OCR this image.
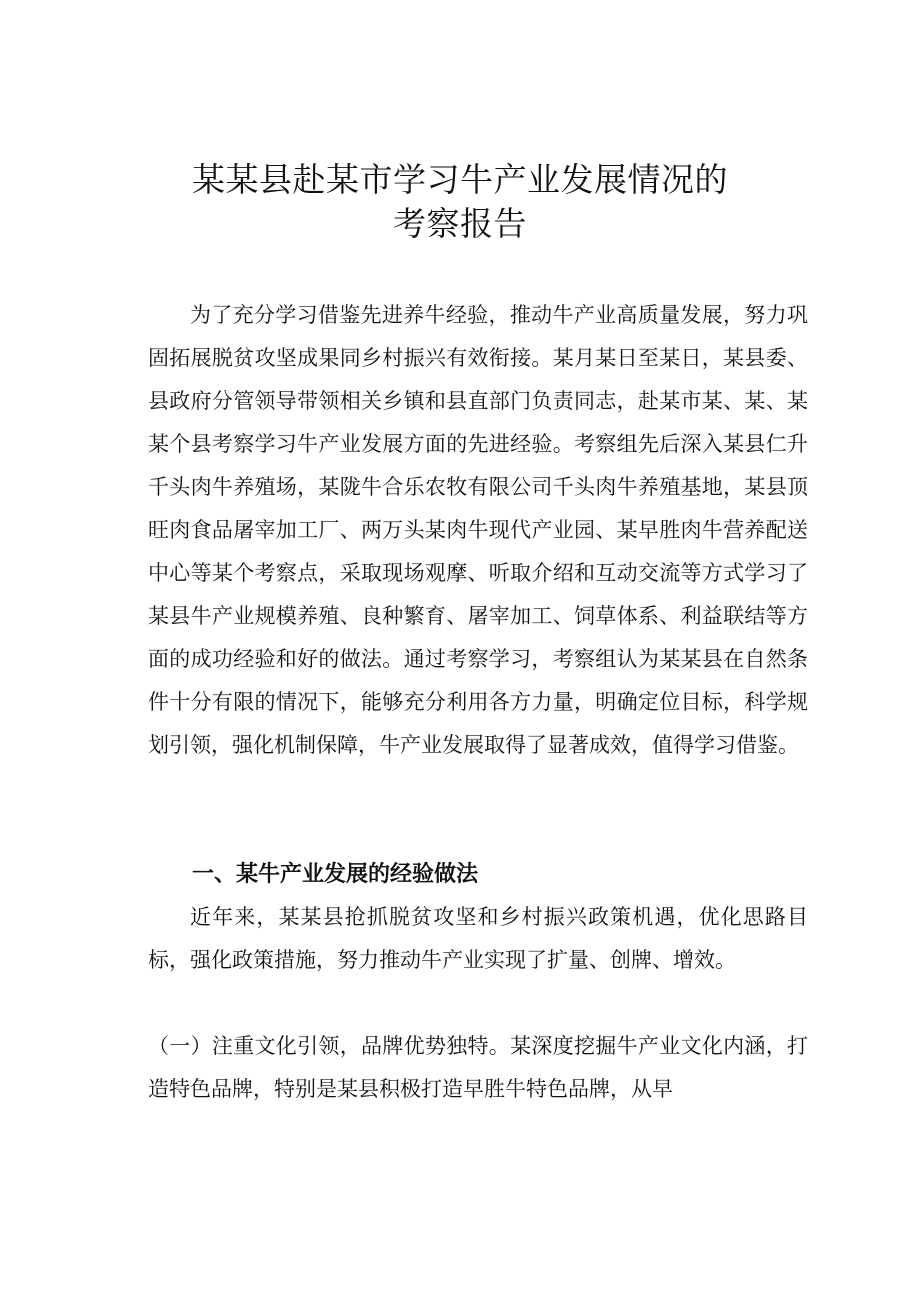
某某县赴某市学习牛产业发展情况的
考察报告
为了充分学习借鉴先进养牛经验，推动牛产业高质量发展，努力巩固拓展脱贫攻坚成果同乡村振兴有效衔接。某月某日至某日，某县委、县政府分管领导带领相关乡镇和县直部门负责同志，赴某市某、某、某某个县考察学习牛产业发展方面的先进经验。考察组先后深入某县仁升千头肉牛养殖场，某陇牛合乐农牧有限公司千头肉牛养殖基地，某县顶旺肉食品屠宰加工厂、两万头某肉牛现代产业园、某早胜肉牛营养配送中心等某个考察点，采取现场观摩、听取介绍和互动交流等方式学习了某县牛产业规模养殖、良种繁育、屠宰加工、饲草体系、利益联结等方面的成功经验和好的做法。通过考察学习，考察组认为某某县在自然条件十分有限的情况下，能够充分利用各方力量，明确定位目标，科学规划引领，强化机制保障，牛产业发展取得了显著成效，值得学习借鉴。
一、某牛产业发展的经验做法
近年来，某某县抢抓脱贫攻坚和乡村振兴政策机遇，优化思路目标，强化政策措施，努力推动牛产业实现了扩量、创牌、增效。
（一）注重文化引领，品牌优势独特。某深度挖掘牛产业文化内涵，打造特色品牌，特别是某县积极打造早胜牛特色品牌，从早
